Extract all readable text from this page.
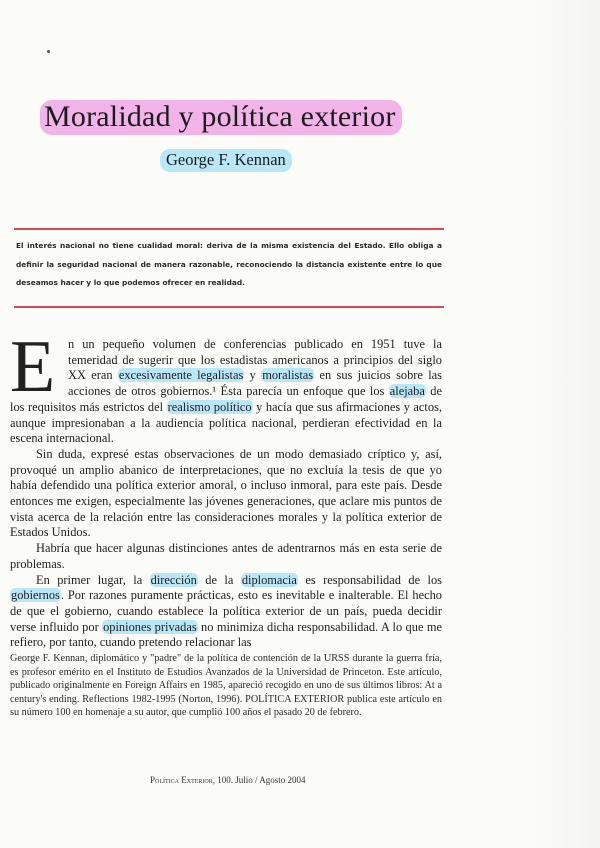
Moralidad y política exterior
George F. Kennan

El interés nacional no tiene cualidad moral: deriva de la misma existencia del Estado. Ello obliga a definir la seguridad nacional de manera razonable, reconociendo la distancia existente entre lo que deseamos hacer y lo que podemos ofrecer en realidad.

E	n un pequeño volumen de conferencias publicado en 1951 tuve la temeridad de sugerir que los estadistas americanos a principios del siglo XX eran excesivamente legalistas y moralistas en sus juicios sobre las acciones de otros gobiernos.¹ Ésta parecía un enfoque que los alejaba de los requisitos más estrictos del realismo político y hacía que sus afirmaciones y actos, aunque impresionaban a la audiencia política nacional, perdieran efectividad en la escena internacional.

Sin duda, expresé estas observaciones de un modo demasiado críptico y, así, provoqué un amplio abanico de interpretaciones, que no excluía la tesis de que yo había defendido una política exterior amoral, o incluso inmoral, para este país. Desde entonces me exigen, especialmente las jóvenes generaciones, que aclare mis puntos de vista acerca de la relación entre las consideraciones morales y la política exterior de Estados Unidos.

Habría que hacer algunas distinciones antes de adentrarnos más en esta serie de problemas.

En primer lugar, la dirección de la diplomacia es responsabilidad de los gobiernos. Por razones puramente prácticas, esto es inevitable e inalterable. El hecho de que el gobierno, cuando establece la política exterior de un país, pueda decidir verse influido por opiniones privadas no minimiza dicha responsabilidad. A lo que me refiero, por tanto, cuando pretendo relacionar las

George F. Kennan, diplomático y "padre" de la política de contención de la URSS durante la guerra fría, es profesor emérito en el Instituto de Estudios Avanzados de la Universidad de Princeton. Este artículo, publicado originalmente en Foreign Affairs en 1985, apareció recogido en uno de sus últimos libros: At a century's ending. Reflections 1982-1995 (Norton, 1996). POLÍTICA EXTERIOR publica este artículo en su número 100 en homenaje a su autor, que cumplió 100 años el pasado 20 de febrero.

Política Exterior, 100. Julio / Agosto 2004
